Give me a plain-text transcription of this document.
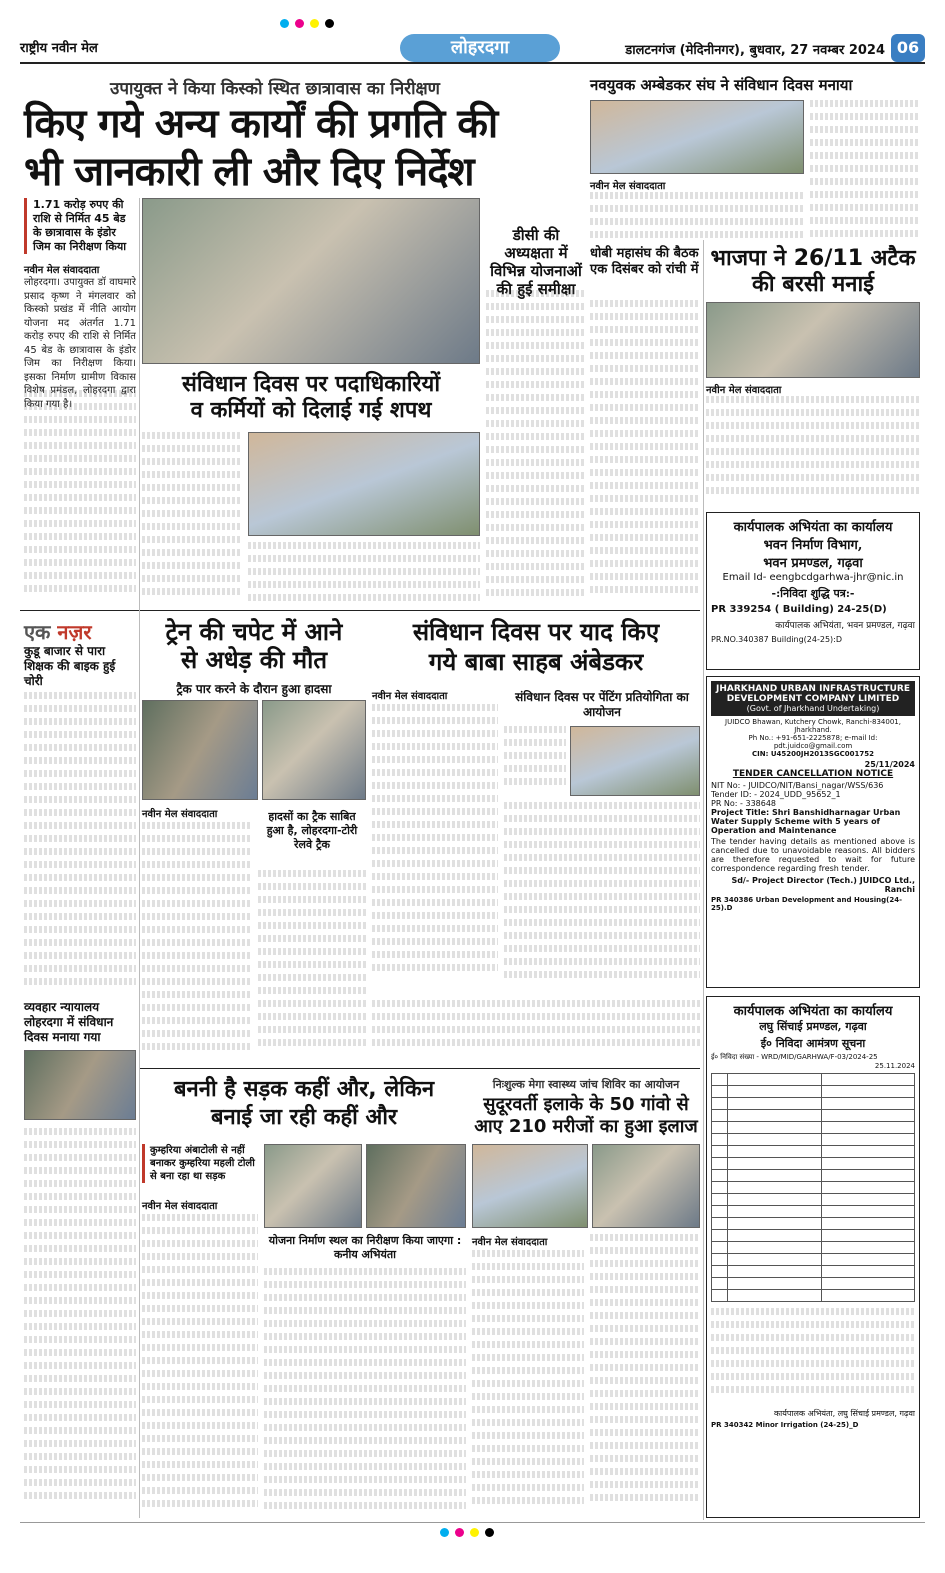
राष्ट्रीय नवीन मेल	लोहरदगा	डालटनगंज (मेदिनीनगर), बुधवार, 27 नवम्बर 2024 06
उपायुक्त ने किया किस्को स्थित छात्रावास का निरीक्षण
किए गये अन्य कार्यों की प्रगति की
भी जानकारी ली और दिए निर्देश
1.71 करोड़ रुपए की राशि से निर्मित 45 बेड के छात्रावास के इंडोर जिम का निरीक्षण किया
नवीन मेल संवाददाता
लोहरदगा। उपायुक्त डॉ वाघमारे प्रसाद कृष्ण ने मंगलवार को किस्को प्रखंड में नीति आयोग योजना मद अंतर्गत 1.71 करोड़ रुपए की राशि से निर्मित 45 बेड के छात्रावास के इंडोर जिम का निरीक्षण किया। इसका निर्माण ग्रामीण विकास विशेष प्रमंडल, लोहरदगा द्वारा किया गया है।
संविधान दिवस पर पदाधिकारियों
व कर्मियों को दिलाई गई शपथ
डीसी की अध्यक्षता में विभिन्न योजनाओं की हुई समीक्षा
नवयुवक अम्बेडकर संघ ने संविधान दिवस मनाया
नवीन मेल संवाददाता
धोबी महासंघ की बैठक एक दिसंबर को रांची में भाजपा ने 26/11 अटैक
की बरसी मनाई
नवीन मेल संवाददाता
एक नज़र
कुडू बाजार से पारा शिक्षक की बाइक हुई चोरी
व्यवहार न्यायालय लोहरदगा में संविधान दिवस मनाया गया
ट्रेन की चपेट में आने
से अधेड़ की मौत
ट्रैक पार करने के दौरान हुआ हादसा
नवीन मेल संवाददाता	हादसों का ट्रैक साबित हुआ है, लोहरदगा-टोरी रेलवे ट्रैक
संविधान दिवस पर याद किए
गये बाबा साहब अंबेडकर
नवीन मेल संवाददाता	संविधान दिवस पर पेंटिंग प्रतियोगिता का आयोजन
बननी है सड़क कहीं और, लेकिन
बनाई जा रही कहीं और
कुम्हरिया अंबाटोली से नहीं बनाकर कुम्हरिया महली टोली से बना रहा था सड़क
नवीन मेल संवाददाता
योजना निर्माण स्थल का निरीक्षण किया जाएगा : कनीय अभियंता
निःशुल्क मेगा स्वास्थ्य जांच शिविर का आयोजन
सुदूरवर्ती इलाके के 50 गांवो से
आए 210 मरीजों का हुआ इलाज
नवीन मेल संवाददाता
कार्यपालक अभियंता का कार्यालय
भवन निर्माण विभाग,
भवन प्रमण्डल, गढ़वा
Email Id- eengbcdgarhwa-jhr@nic.in
-:निविदा शुद्धि पत्र:-
PR 339254 ( Building) 24-25(D)
कार्यपालक अभियंता, भवन प्रमण्डल, गढ़वा
PR.NO.340387 Building(24-25):D
JHARKHAND URBAN INFRASTRUCTURE
DEVELOPMENT COMPANY LIMITED
(Govt. of Jharkhand Undertaking)
JUIDCO Bhawan, Kutchery Chowk, Ranchi-834001, Jharkhand.
Ph No.: +91-651-2225878; e-mail Id: pdt.juidco@gmail.com
CIN: U45200JH2013SGC001752
25/11/2024
TENDER CANCELLATION NOTICE
NIT No: - JUIDCO/NIT/Bansi_nagar/WSS/636
Tender ID: - 2024_UDD_95652_1
PR No: - 338648
Project Title: Shri Banshidharnagar Urban Water Supply Scheme with 5 years of Operation and Maintenance
The tender having details as mentioned above is cancelled due to unavoidable reasons. All bidders are therefore requested to wait for future correspondence regarding fresh tender.
Sd/- Project Director (Tech.) JUIDCO Ltd., Ranchi
PR 340386 Urban Development and Housing(24-25).D
कार्यपालक अभियंता का कार्यालय
लघु सिंचाई प्रमण्डल, गढ़वा
ई० निविदा आमंत्रण सूचना
ई० निविदा संख्या - WRD/MID/GARHWA/F-03/2024-25
25.11.2024

कार्यपालक अभियंता, लघु सिंचाई प्रमण्डल, गढ़वा
PR 340342 Minor Irrigation (24-25)_D
